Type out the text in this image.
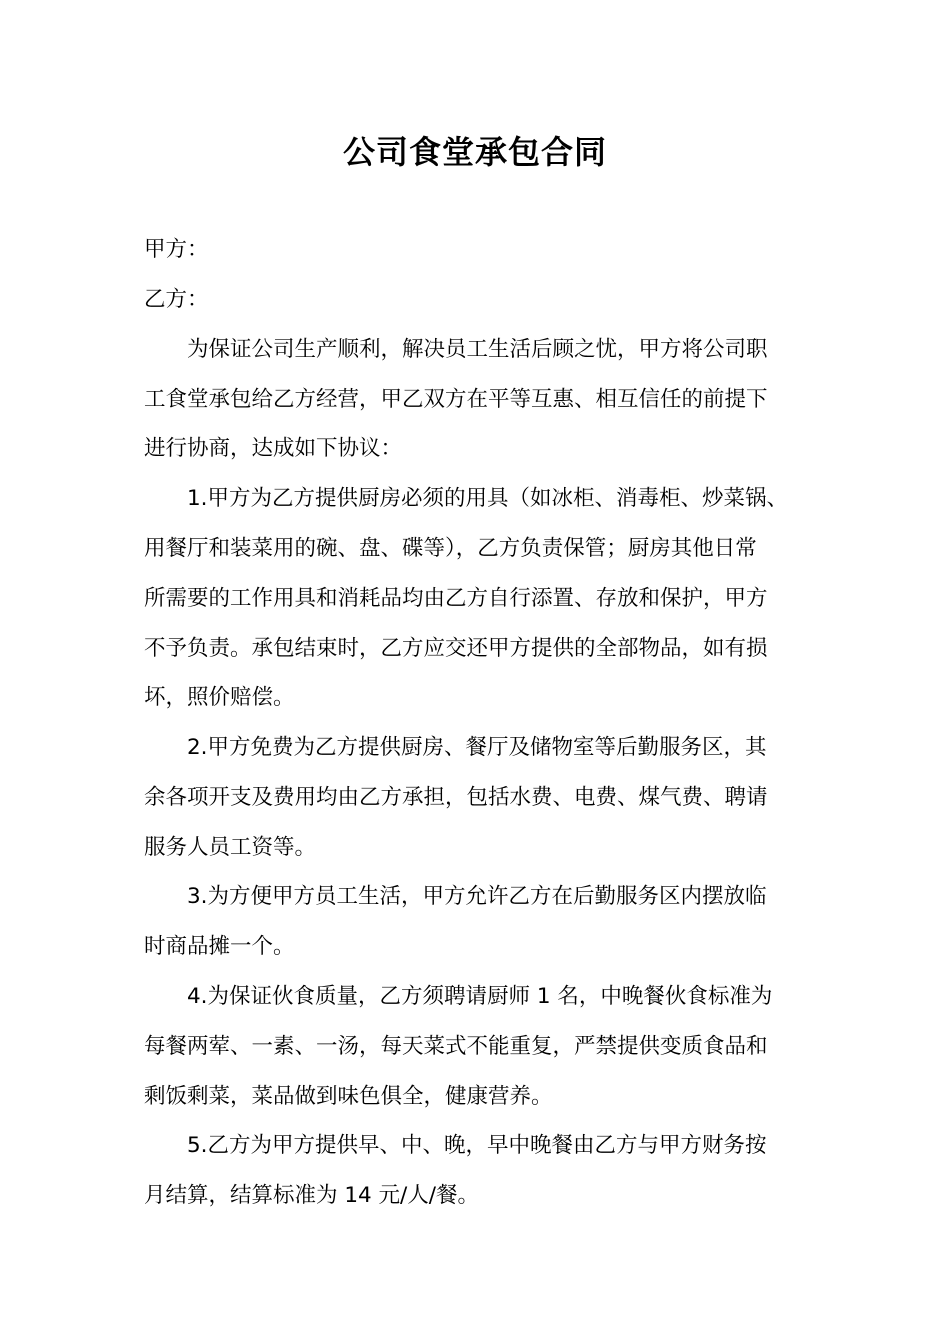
公司食堂承包合同
甲方：
乙方：
　　为保证公司生产顺利，解决员工生活后顾之忧，甲方将公司职
工食堂承包给乙方经营，甲乙双方在平等互惠、相互信任的前提下
进行协商，达成如下协议：
　　1.甲方为乙方提供厨房必须的用具（如冰柜、消毒柜、炒菜锅、
用餐厅和装菜用的碗、盘、碟等），乙方负责保管；厨房其他日常
所需要的工作用具和消耗品均由乙方自行添置、存放和保护，甲方
不予负责。承包结束时，乙方应交还甲方提供的全部物品，如有损
坏，照价赔偿。
　　2.甲方免费为乙方提供厨房、餐厅及储物室等后勤服务区，其
余各项开支及费用均由乙方承担，包括水费、电费、煤气费、聘请
服务人员工资等。
　　3.为方便甲方员工生活，甲方允许乙方在后勤服务区内摆放临
时商品摊一个。
　　4.为保证伙食质量，乙方须聘请厨师 1 名，中晚餐伙食标准为
每餐两荤、一素、一汤，每天菜式不能重复，严禁提供变质食品和
剩饭剩菜，菜品做到味色俱全，健康营养。
　　5.乙方为甲方提供早、中、晚，早中晚餐由乙方与甲方财务按
月结算，结算标准为 14 元/人/餐。
